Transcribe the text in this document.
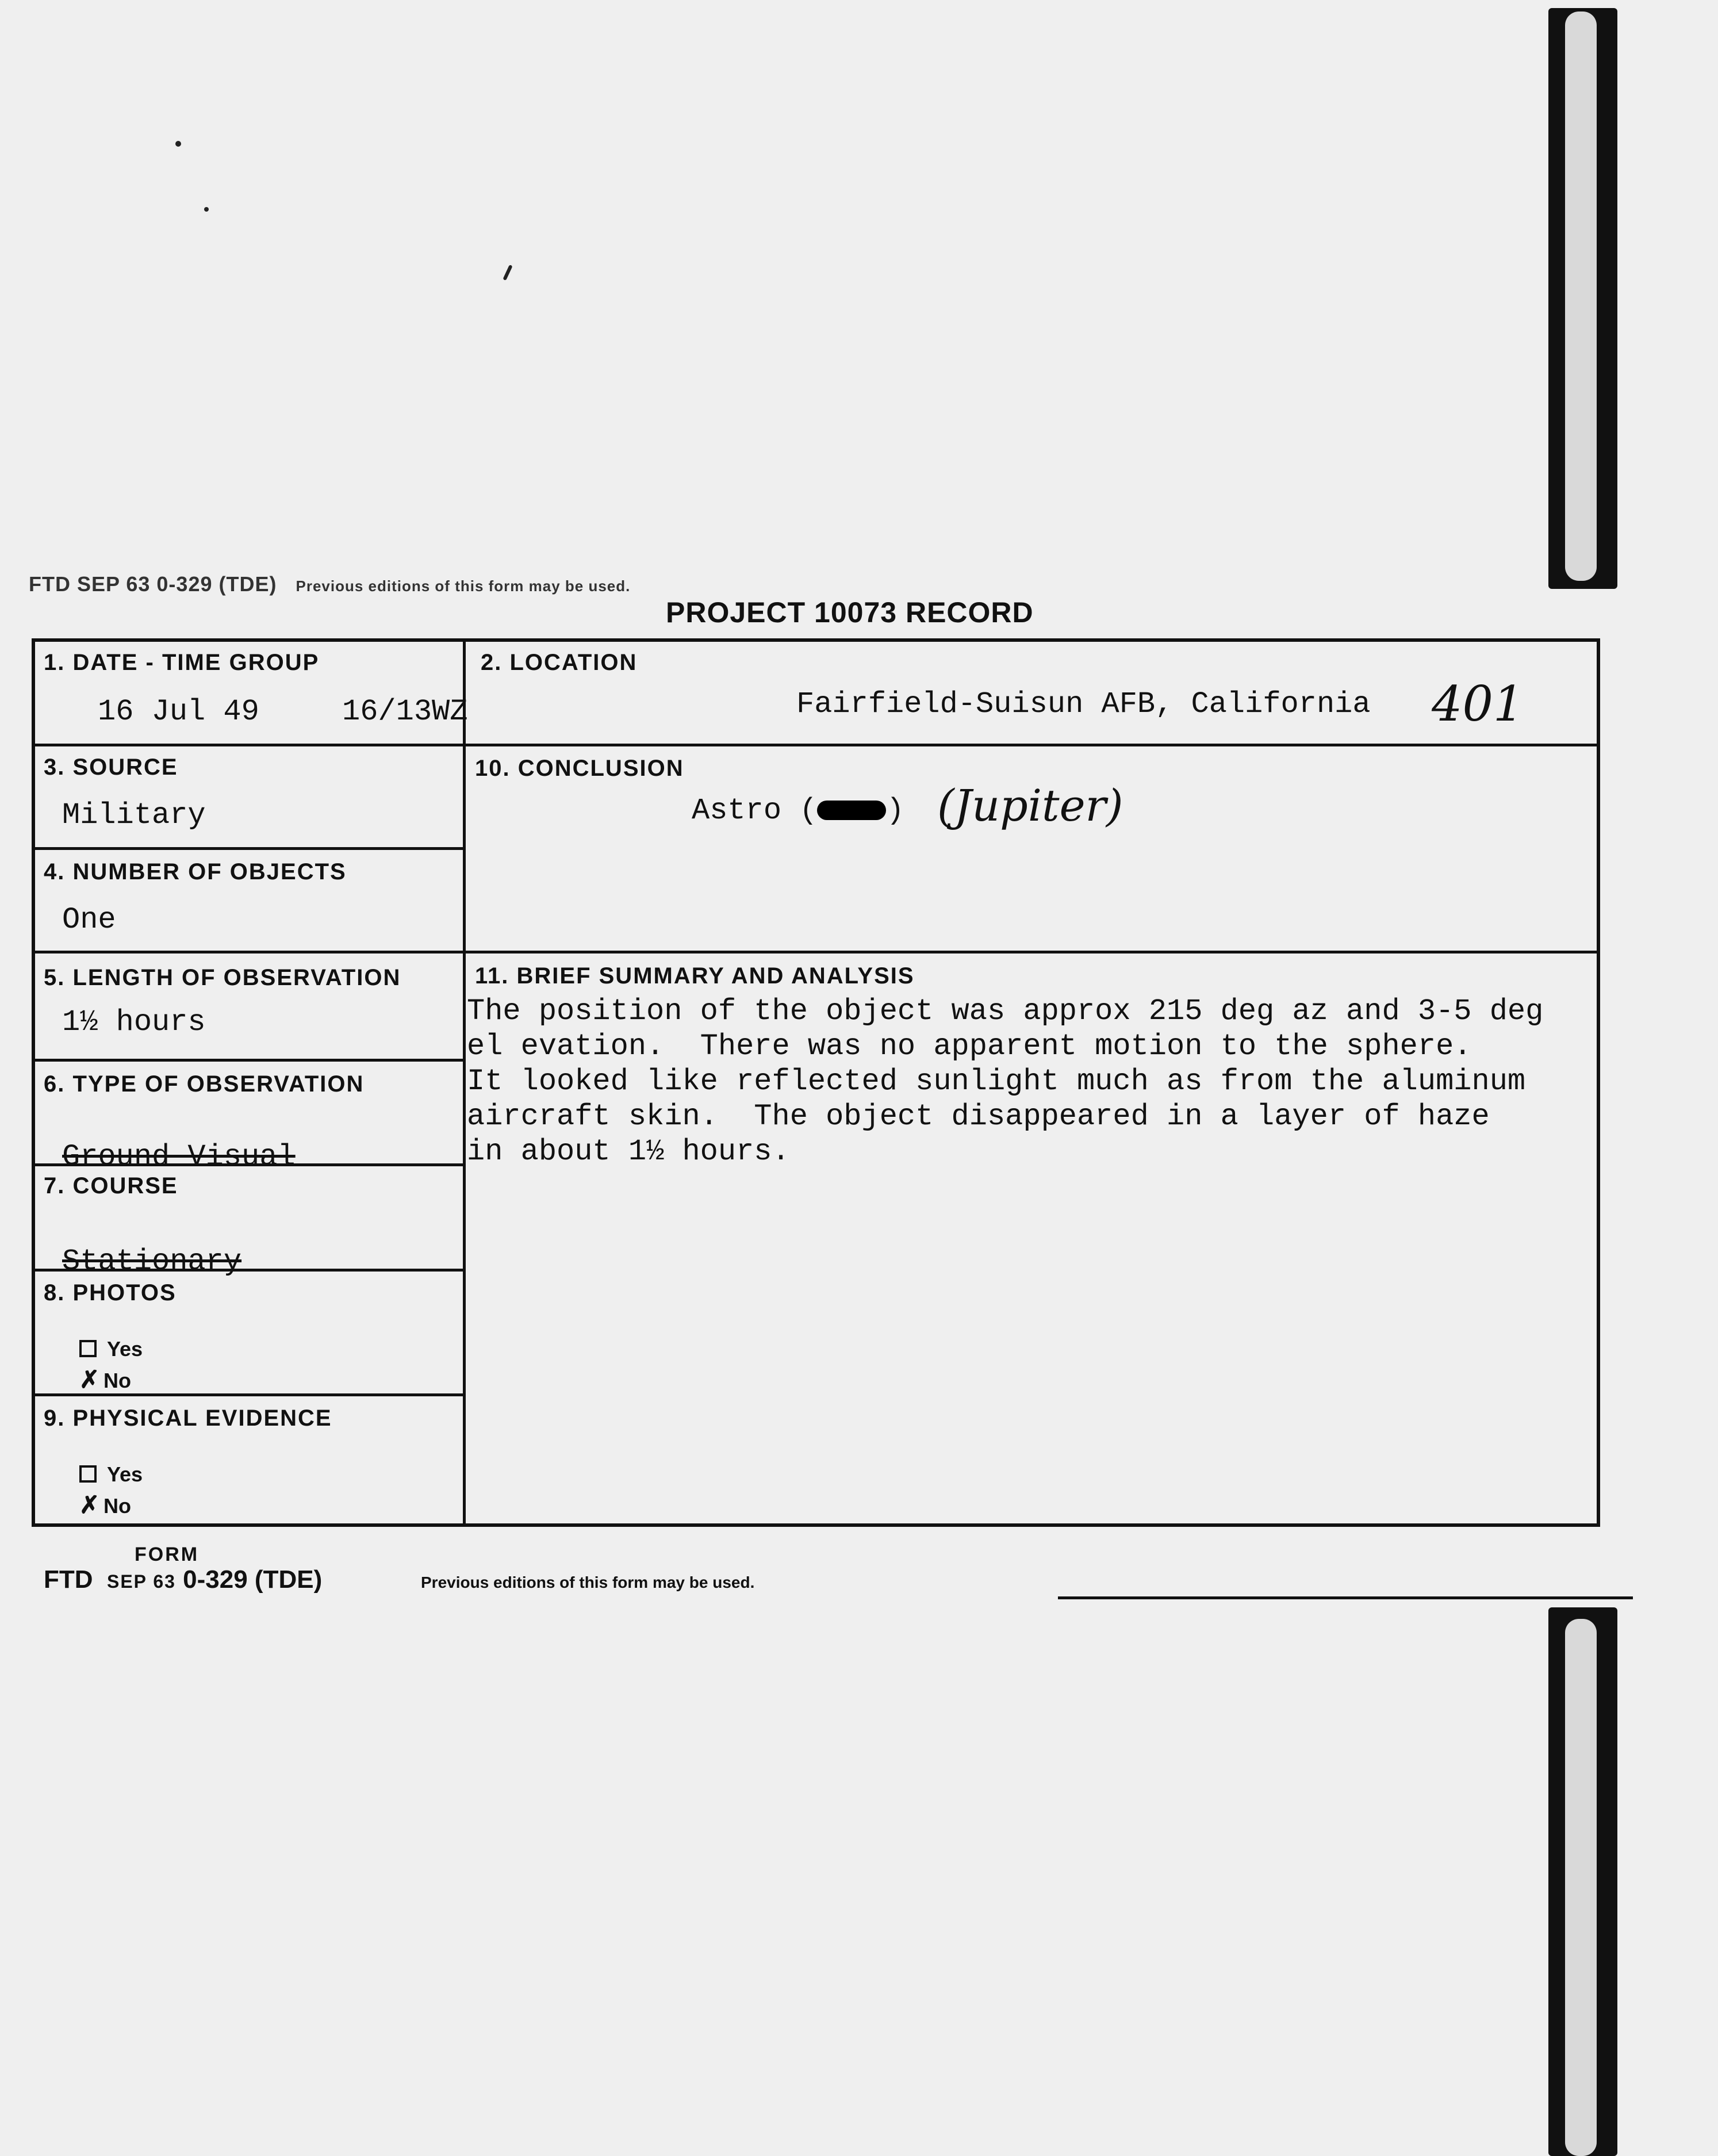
FTD SEP 63 0-329 (TDE) Previous editions of this form may be used.
PROJECT 10073 RECORD
1. DATE - TIME GROUP
16 Jul 49	16/13WZ
2. LOCATION
Fairfield-Suisun AFB, California 401
3. SOURCE
Military
4. NUMBER OF OBJECTS
One
5. LENGTH OF OBSERVATION
1½ hours
6. TYPE OF OBSERVATION
Ground-Visual
7. COURSE
Stationary
8. PHOTOS
Yes
✗ No
9. PHYSICAL EVIDENCE
Yes
✗ No
10. CONCLUSION
Astro ( ) (Jupiter)
11. BRIEF SUMMARY AND ANALYSIS
The position of the object was approx 215 deg az and 3-5 deg
el evation.  There was no apparent motion to the sphere.
It looked like reflected sunlight much as from the aluminum
aircraft skin.  The object disappeared in a layer of haze
in about 1½ hours.
FORM
FTD SEP 63 0-329 (TDE)	Previous editions of this form may be used.
